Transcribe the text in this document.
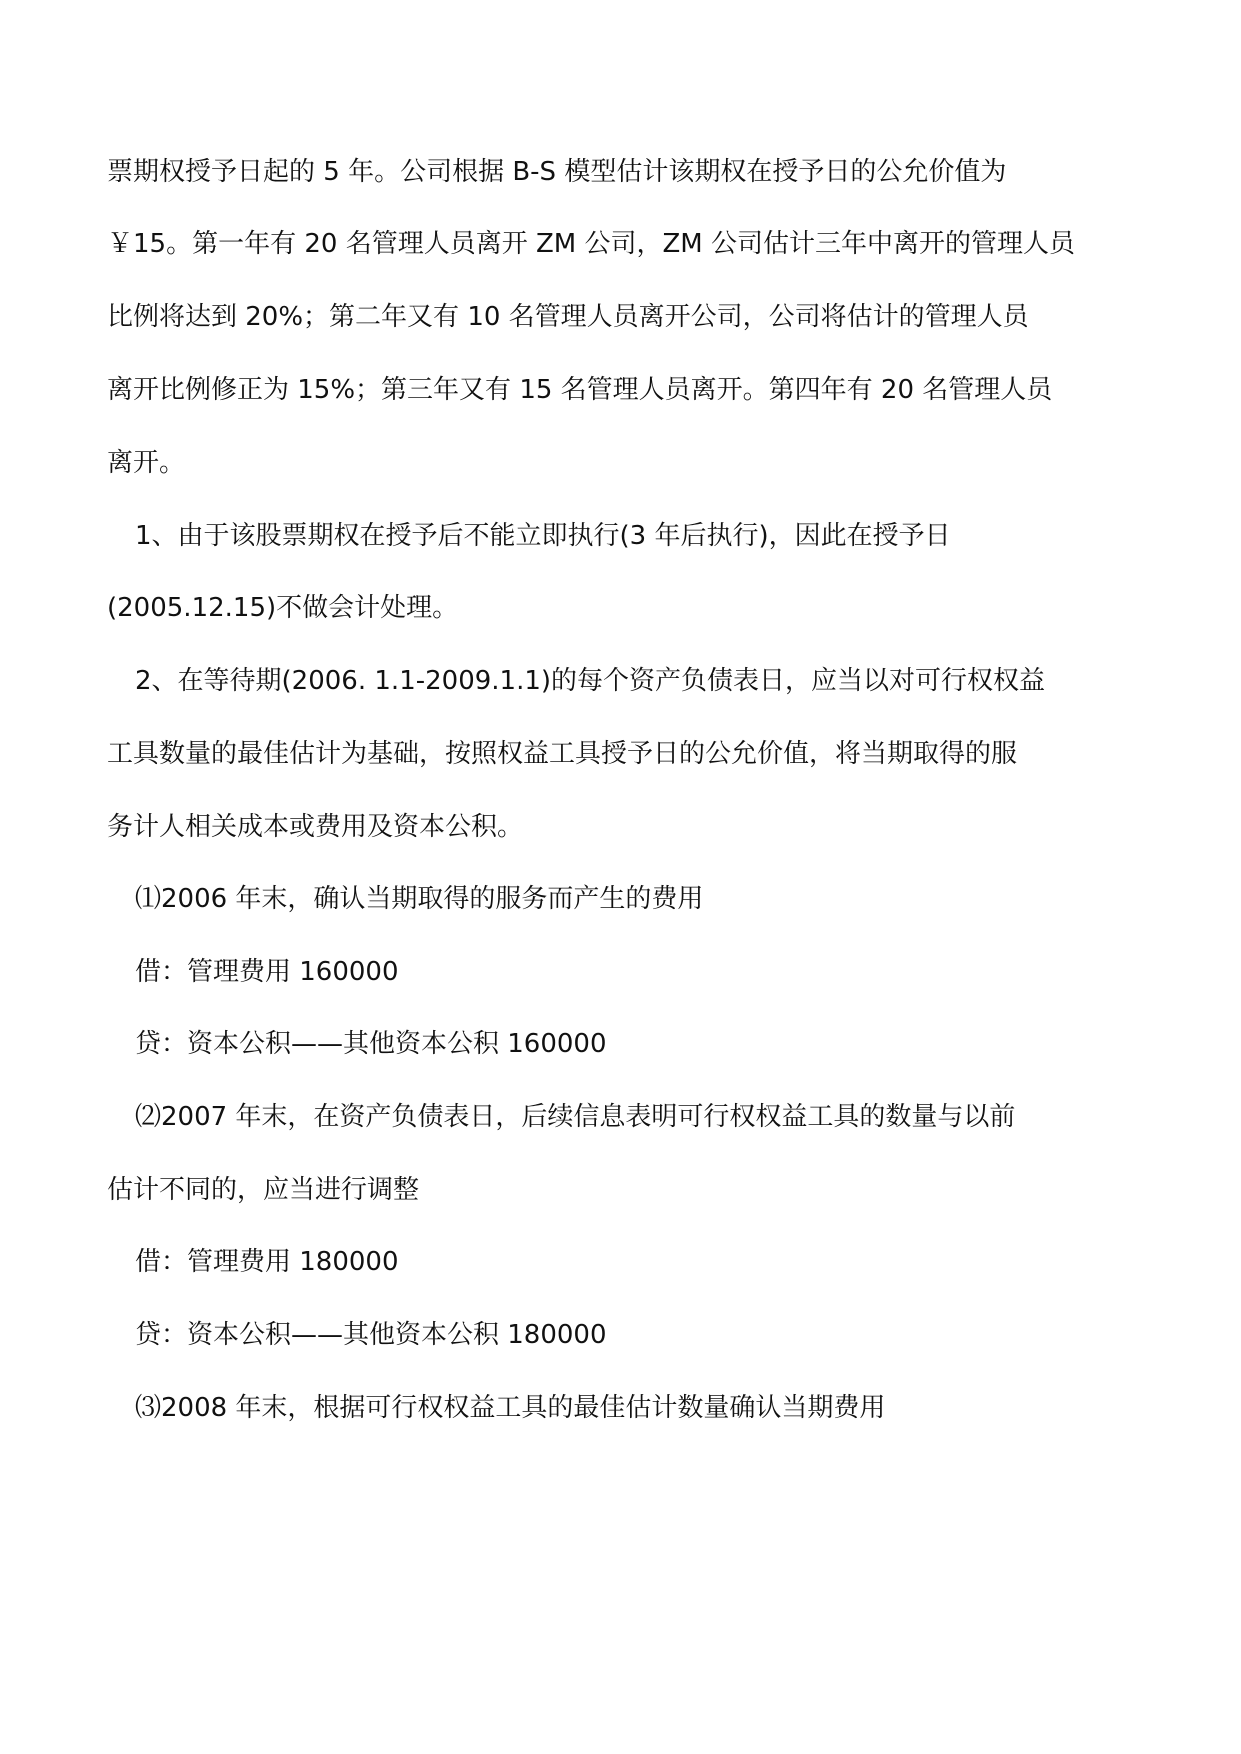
票期权授予日起的 5 年。公司根据 B-S 模型估计该期权在授予日的公允价值为
￥15。第一年有 20 名管理人员离开 ZM 公司，ZM 公司估计三年中离开的管理人员
比例将达到 20%；第二年又有 10 名管理人员离开公司，公司将估计的管理人员
离开比例修正为 15%；第三年又有 15 名管理人员离开。第四年有 20 名管理人员
离开。
1、由于该股票期权在授予后不能立即执行(3 年后执行)，因此在授予日
(2005.12.15)不做会计处理。
2、在等待期(2006. 1.1-2009.1.1)的每个资产负债表日，应当以对可行权权益
工具数量的最佳估计为基础，按照权益工具授予日的公允价值，将当期取得的服
务计人相关成本或费用及资本公积。
⑴2006 年末，确认当期取得的服务而产生的费用
借：管理费用 160000
贷：资本公积——其他资本公积 160000
⑵2007 年末，在资产负债表日，后续信息表明可行权权益工具的数量与以前
估计不同的，应当进行调整
借：管理费用 180000
贷：资本公积——其他资本公积 180000
⑶2008 年末，根据可行权权益工具的最佳估计数量确认当期费用
